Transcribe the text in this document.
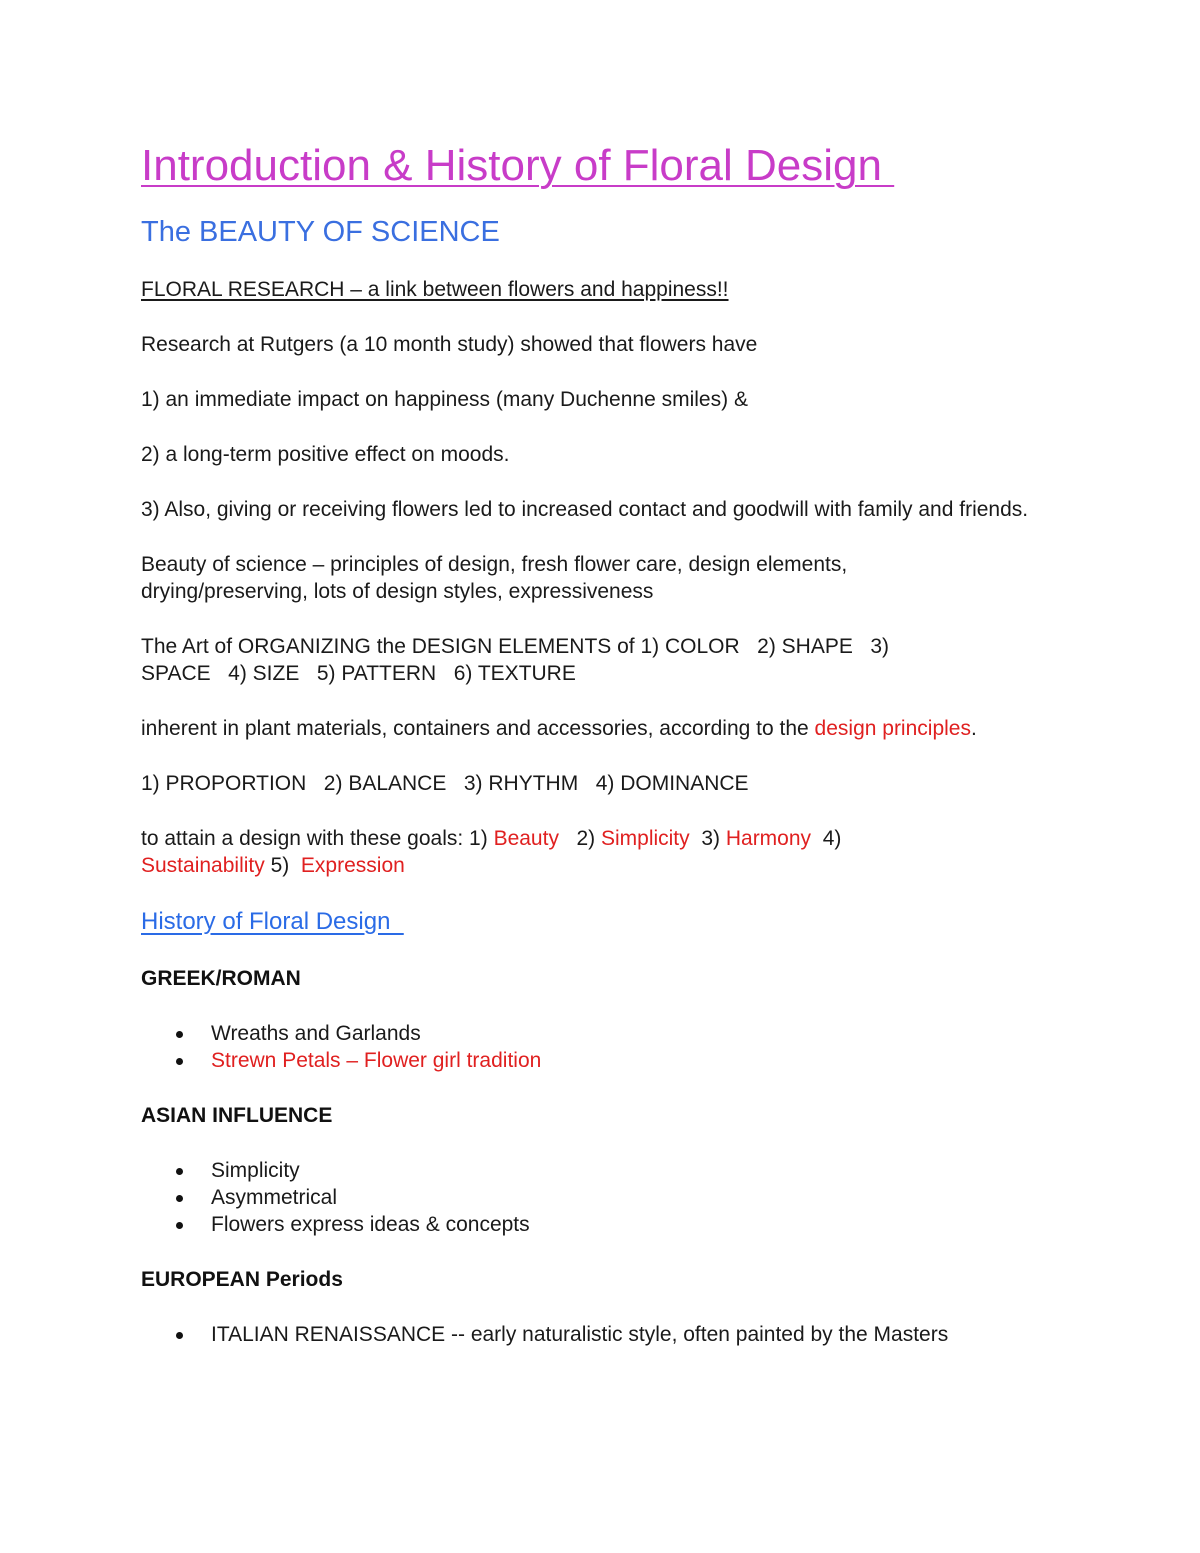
Introduction & History of Floral Design
The BEAUTY OF SCIENCE

FLORAL RESEARCH – a link between flowers and happiness!!

Research at Rutgers (a 10 month study) showed that flowers have

1) an immediate impact on happiness (many Duchenne smiles) &

2) a long-term positive effect on moods.

3) Also, giving or receiving flowers led to increased contact and goodwill with family and friends.

Beauty of science – principles of design, fresh flower care, design elements, drying/preserving, lots of design styles, expressiveness

The Art of ORGANIZING the DESIGN ELEMENTS of 1) COLOR   2) SHAPE   3)
SPACE   4) SIZE   5) PATTERN   6) TEXTURE

inherent in plant materials, containers and accessories, according to the design principles.

1) PROPORTION   2) BALANCE   3) RHYTHM   4) DOMINANCE

to attain a design with these goals: 1) Beauty   2) Simplicity  3) Harmony  4) Sustainability 5)  Expression

History of Floral Design

GREEK/ROMAN

Wreaths and Garlands
Strewn Petals – Flower girl tradition

ASIAN INFLUENCE

Simplicity
Asymmetrical
Flowers express ideas & concepts

EUROPEAN Periods

ITALIAN RENAISSANCE -- early naturalistic style, often painted by the Masters
